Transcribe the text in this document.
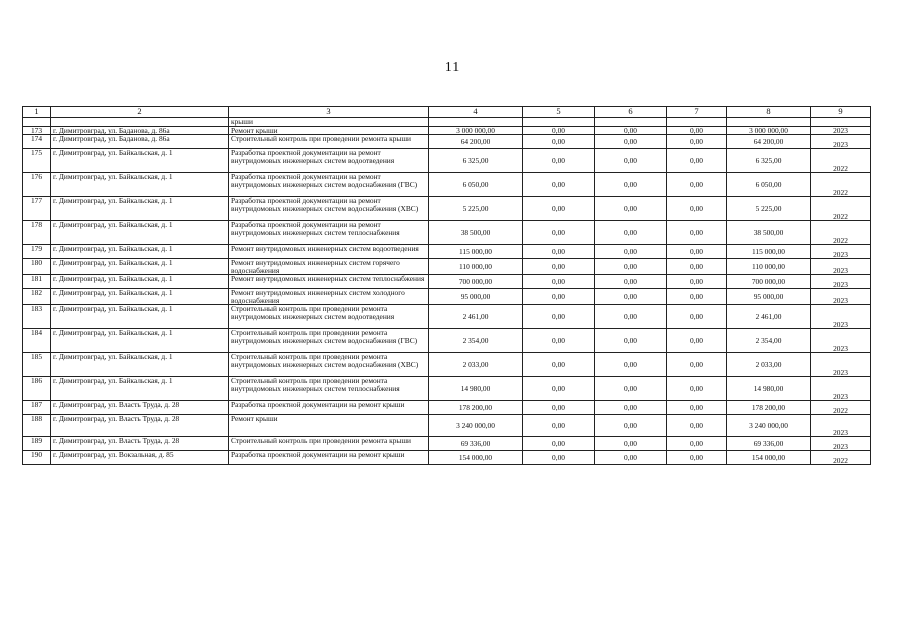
11
1	2	3	4	5	6	7	8	9
		крыши						
173	г. Димитровград, ул. Баданова, д. 86а	Ремонт крыши	3 000 000,00	0,00	0,00	0,00	3 000 000,00	2023
174	г. Димитровград, ул. Баданова, д. 86а	Строительный контроль при проведении ремонта крыши	64 200,00	0,00	0,00	0,00	64 200,00	2023
175	г. Димитровград, ул. Байкальская, д. 1	Разработка проектной документации на ремонт внутридомовых инженерных систем водоотведения	6 325,00	0,00	0,00	0,00	6 325,00	2022
176	г. Димитровград, ул. Байкальская, д. 1	Разработка проектной документации на ремонт внутридомовых инженерных систем водоснабжения (ГВС)	6 050,00	0,00	0,00	0,00	6 050,00	2022
177	г. Димитровград, ул. Байкальская, д. 1	Разработка проектной документации на ремонт внутридомовых инженерных систем водоснабжения (ХВС)	5 225,00	0,00	0,00	0,00	5 225,00	2022
178	г. Димитровград, ул. Байкальская, д. 1	Разработка проектной документации на ремонт внутридомовых инженерных систем теплоснабжения	38 500,00	0,00	0,00	0,00	38 500,00	2022
179	г. Димитровград, ул. Байкальская, д. 1	Ремонт внутридомовых инженерных систем водоотведения	115 000,00	0,00	0,00	0,00	115 000,00	2023
180	г. Димитровград, ул. Байкальская, д. 1	Ремонт внутридомовых инженерных систем горячего водоснабжения	110 000,00	0,00	0,00	0,00	110 000,00	2023
181	г. Димитровград, ул. Байкальская, д. 1	Ремонт внутридомовых инженерных систем теплоснабжения	700 000,00	0,00	0,00	0,00	700 000,00	2023
182	г. Димитровград, ул. Байкальская, д. 1	Ремонт внутридомовых инженерных систем холодного водоснабжения	95 000,00	0,00	0,00	0,00	95 000,00	2023
183	г. Димитровград, ул. Байкальская, д. 1	Строительный контроль при проведении ремонта внутридомовых инженерных систем водоотведения	2 461,00	0,00	0,00	0,00	2 461,00	2023
184	г. Димитровград, ул. Байкальская, д. 1	Строительный контроль при проведении ремонта внутридомовых инженерных систем водоснабжения (ГВС)	2 354,00	0,00	0,00	0,00	2 354,00	2023
185	г. Димитровград, ул. Байкальская, д. 1	Строительный контроль при проведении ремонта внутридомовых инженерных систем водоснабжения (ХВС)	2 033,00	0,00	0,00	0,00	2 033,00	2023
186	г. Димитровград, ул. Байкальская, д. 1	Строительный контроль при проведении ремонта внутридомовых инженерных систем теплоснабжения	14 980,00	0,00	0,00	0,00	14 980,00	2023
187	г. Димитровград, ул. Власть Труда, д. 28	Разработка проектной документации на ремонт крыши	178 200,00	0,00	0,00	0,00	178 200,00	2022
188	г. Димитровград, ул. Власть Труда, д. 28	Ремонт крыши	3 240 000,00	0,00	0,00	0,00	3 240 000,00	2023
189	г. Димитровград, ул. Власть Труда, д. 28	Строительный контроль при проведении ремонта крыши	69 336,00	0,00	0,00	0,00	69 336,00	2023
190	г. Димитровград, ул. Вокзальная, д. 85	Разработка проектной документации на ремонт крыши	154 000,00	0,00	0,00	0,00	154 000,00	2022
